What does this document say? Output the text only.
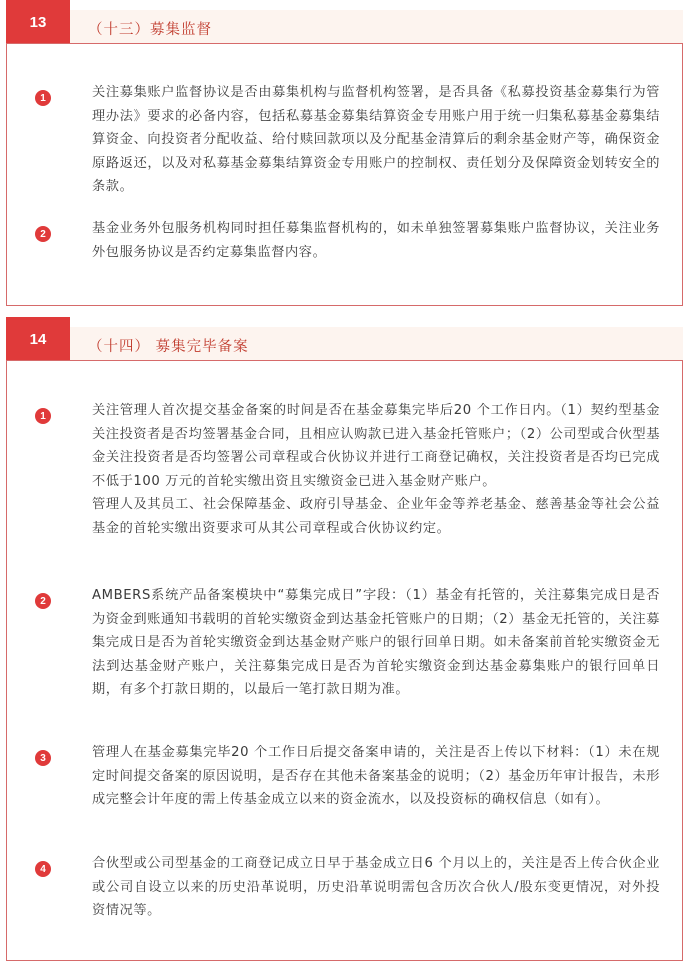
13	（十三）募集监督
1	关注募集账户监督协议是否由募集机构与监督机构签署，是否具备《私募投资基金募集行为管理办法》要求的必备内容，包括私募基金募集结算资金专用账户用于统一归集私募基金募集结算资金、向投资者分配收益、给付赎回款项以及分配基金清算后的剩余基金财产等，确保资金原路返还，以及对私募基金募集结算资金专用账户的控制权、责任划分及保障资金划转安全的条款。

2	基金业务外包服务机构同时担任募集监督机构的，如未单独签署募集账户监督协议，关注业务外包服务协议是否约定募集监督内容。

14	（十四） 募集完毕备案
1	关注管理人首次提交基金备案的时间是否在基金募集完毕后20 个工作日内。（1）契约型基金关注投资者是否均签署基金合同，且相应认购款已进入基金托管账户；（2）公司型或合伙型基金关注投资者是否均签署公司章程或合伙协议并进行工商登记确权，关注投资者是否均已完成不低于100 万元的首轮实缴出资且实缴资金已进入基金财产账户。

管理人及其员工、社会保障基金、政府引导基金、企业年金等养老基金、慈善基金等社会公益基金的首轮实缴出资要求可从其公司章程或合伙协议约定。

2	AMBERS系统产品备案模块中“募集完成日”字段：（1）基金有托管的，关注募集完成日是否为资金到账通知书载明的首轮实缴资金到达基金托管账户的日期；（2）基金无托管的，关注募集完成日是否为首轮实缴资金到达基金财产账户的银行回单日期。如未备案前首轮实缴资金无法到达基金财产账户，关注募集完成日是否为首轮实缴资金到达基金募集账户的银行回单日期，有多个打款日期的，以最后一笔打款日期为准。

3	管理人在基金募集完毕20 个工作日后提交备案申请的，关注是否上传以下材料：（1）未在规定时间提交备案的原因说明，是否存在其他未备案基金的说明；（2）基金历年审计报告，未形成完整会计年度的需上传基金成立以来的资金流水，以及投资标的确权信息（如有）。

4	合伙型或公司型基金的工商登记成立日早于基金成立日6 个月以上的，关注是否上传合伙企业或公司自设立以来的历史沿革说明，历史沿革说明需包含历次合伙人/股东变更情况，对外投资情况等。
